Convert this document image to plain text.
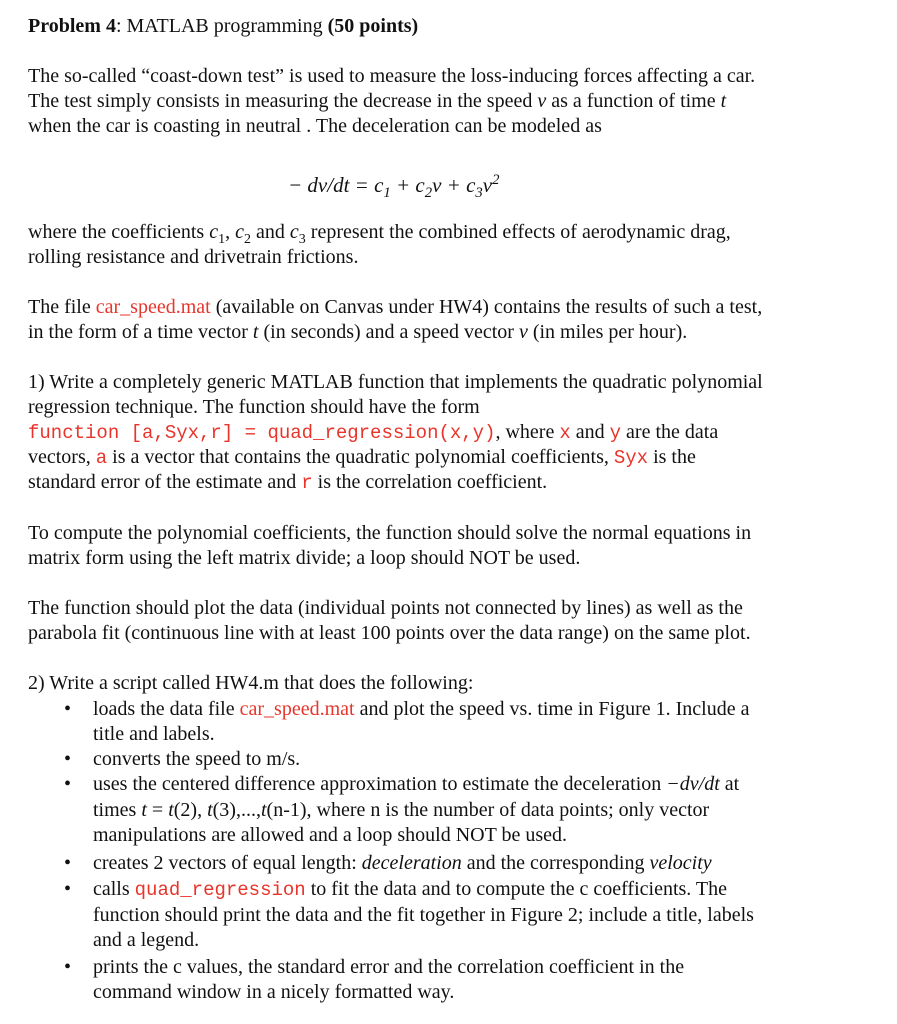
Problem 4: MATLAB programming (50 points)
The so-called “coast-down test” is used to measure the loss-inducing forces affecting a car.
The test simply consists in measuring the decrease in the speed v as a function of time t
when the car is coasting in neutral . The deceleration can be modeled as
where the coefficients $c_1$, $c_2$ and $c_3$ represent the combined effects of aerodynamic drag,
rolling resistance and drivetrain frictions.
The file car_speed.mat (available on Canvas under HW4) contains the results of such a test,
in the form of a time vector t (in seconds) and a speed vector v (in miles per hour).
1) Write a completely generic MATLAB function that implements the quadratic polynomial
regression technique. The function should have the form
function [a,Syx,r] = quad_regression(x,y), where x and y are the data
vectors, a is a vector that contains the quadratic polynomial coefficients, Syx is the
standard error of the estimate and r is the correlation coefficient.
To compute the polynomial coefficients, the function should solve the normal equations in
matrix form using the left matrix divide; a loop should NOT be used.
The function should plot the data (individual points not connected by lines) as well as the
parabola fit (continuous line with at least 100 points over the data range) on the same plot.
2) Write a script called HW4.m that does the following:
loads the data file car_speed.mat and plot the speed vs. time in Figure 1. Include a
•
title and labels.
converts the speed to m/s.
•
uses the centered difference approximation to estimate the deceleration −dv/dt at
•
times t = t(2), t(3),...,t(n-1), where n is the number of data points; only vector
manipulations are allowed and a loop should NOT be used.
creates 2 vectors of equal length: deceleration and the corresponding velocity
•
calls quad_regression to fit the data and to compute the c coefficients. The
•
function should print the data and the fit together in Figure 2; include a title, labels
and a legend.
prints the c values, the standard error and the correlation coefficient in the
•
command window in a nicely formatted way.
− $dv/dt = c_1 + c_2v + c_3v^2$
